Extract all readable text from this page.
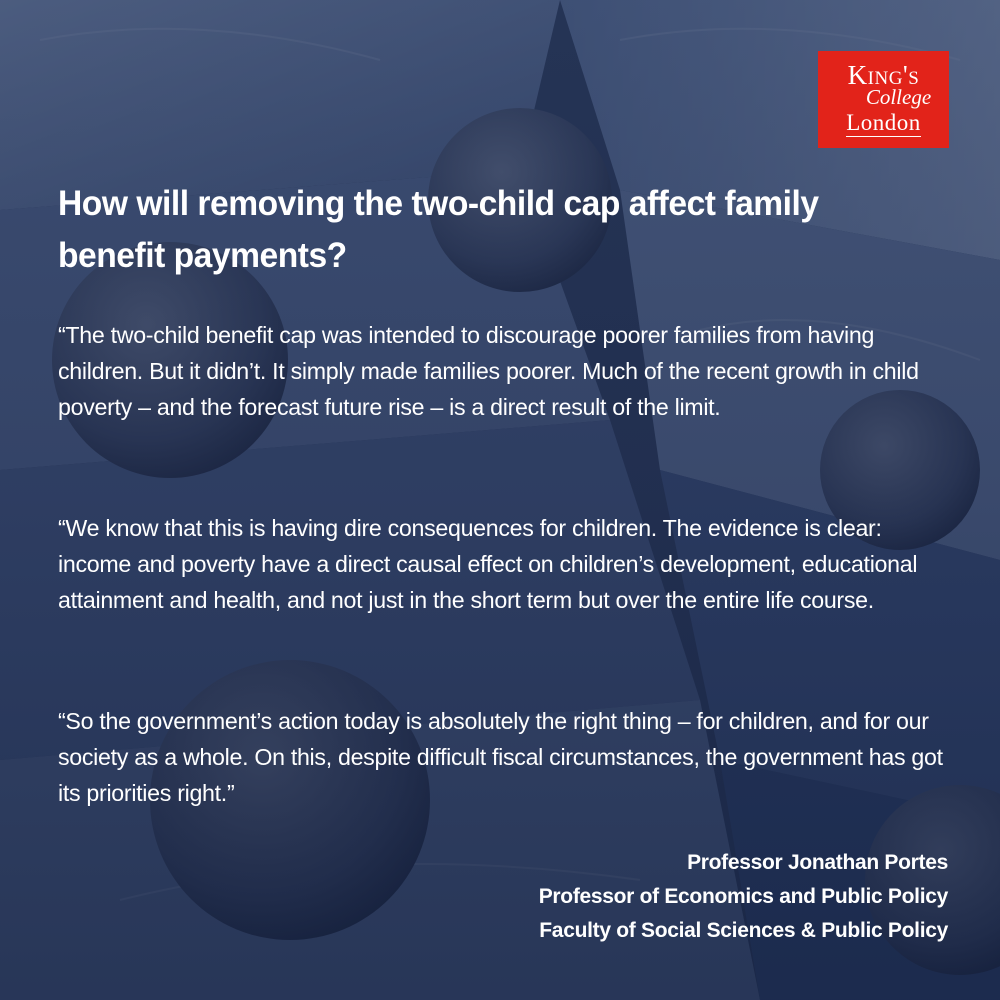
King's
College
London
How will removing the two-child cap affect family benefit payments?

“The two-child benefit cap was intended to discourage poorer families from having children. But it didn’t. It simply made families poorer. Much of the recent growth in child poverty – and the forecast future rise – is a direct result of the limit.

“We know that this is having dire consequences for children. The evidence is clear: income and poverty have a direct causal effect on children’s development, educational attainment and health, and not just in the short term but over the entire life course.

“So the government’s action today is absolutely the right thing – for children, and for our society as a whole. On this, despite difficult fiscal circumstances, the government has got its priorities right.”

Professor Jonathan Portes
Professor of Economics and Public Policy
Faculty of Social Sciences & Public Policy
